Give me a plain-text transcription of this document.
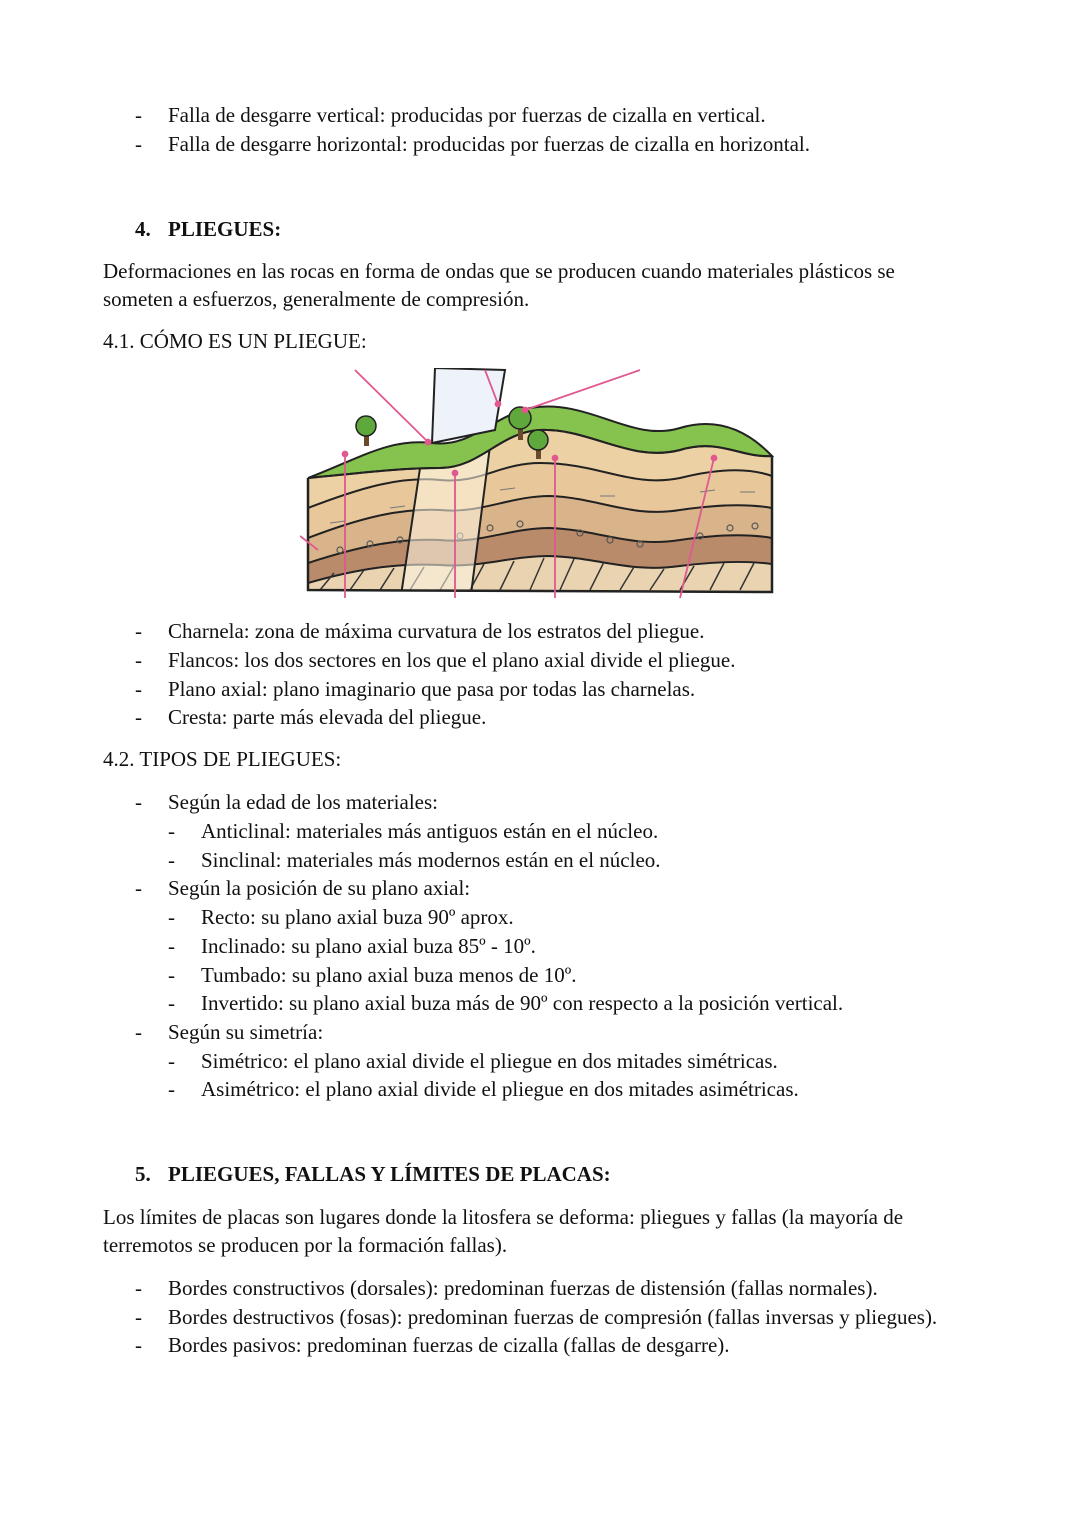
-	Falla de desgarre vertical: producidas por fuerzas de cizalla en vertical.
-	Falla de desgarre horizontal: producidas por fuerzas de cizalla en horizontal.
4. PLIEGUES:
Deformaciones en las rocas en forma de ondas que se producen cuando materiales plásticos se
someten a esfuerzos, generalmente de compresión.
4.1. CÓMO ES UN PLIEGUE:
-	Charnela: zona de máxima curvatura de los estratos del pliegue.
-	Flancos: los dos sectores en los que el plano axial divide el pliegue.
-	Plano axial: plano imaginario que pasa por todas las charnelas.
-	Cresta: parte más elevada del pliegue.
4.2. TIPOS DE PLIEGUES:
-	Según la edad de los materiales:
-	Anticlinal: materiales más antiguos están en el núcleo.
-	Sinclinal: materiales más modernos están en el núcleo.
-	Según la posición de su plano axial:
-	Recto: su plano axial buza 90º aprox.
-	Inclinado: su plano axial buza 85º - 10º.
-	Tumbado: su plano axial buza menos de 10º.
-	Invertido: su plano axial buza más de 90º con respecto a la posición vertical.
-	Según su simetría:
-	Simétrico: el plano axial divide el pliegue en dos mitades simétricas.
-	Asimétrico: el plano axial divide el pliegue en dos mitades asimétricas.
5. PLIEGUES, FALLAS Y LÍMITES DE PLACAS:
Los límites de placas son lugares donde la litosfera se deforma: pliegues y fallas (la mayoría de
terremotos se producen por la formación fallas).
-	Bordes constructivos (dorsales): predominan fuerzas de distensión (fallas normales).
-	Bordes destructivos (fosas): predominan fuerzas de compresión (fallas inversas y pliegues).
-	Bordes pasivos: predominan fuerzas de cizalla (fallas de desgarre).
